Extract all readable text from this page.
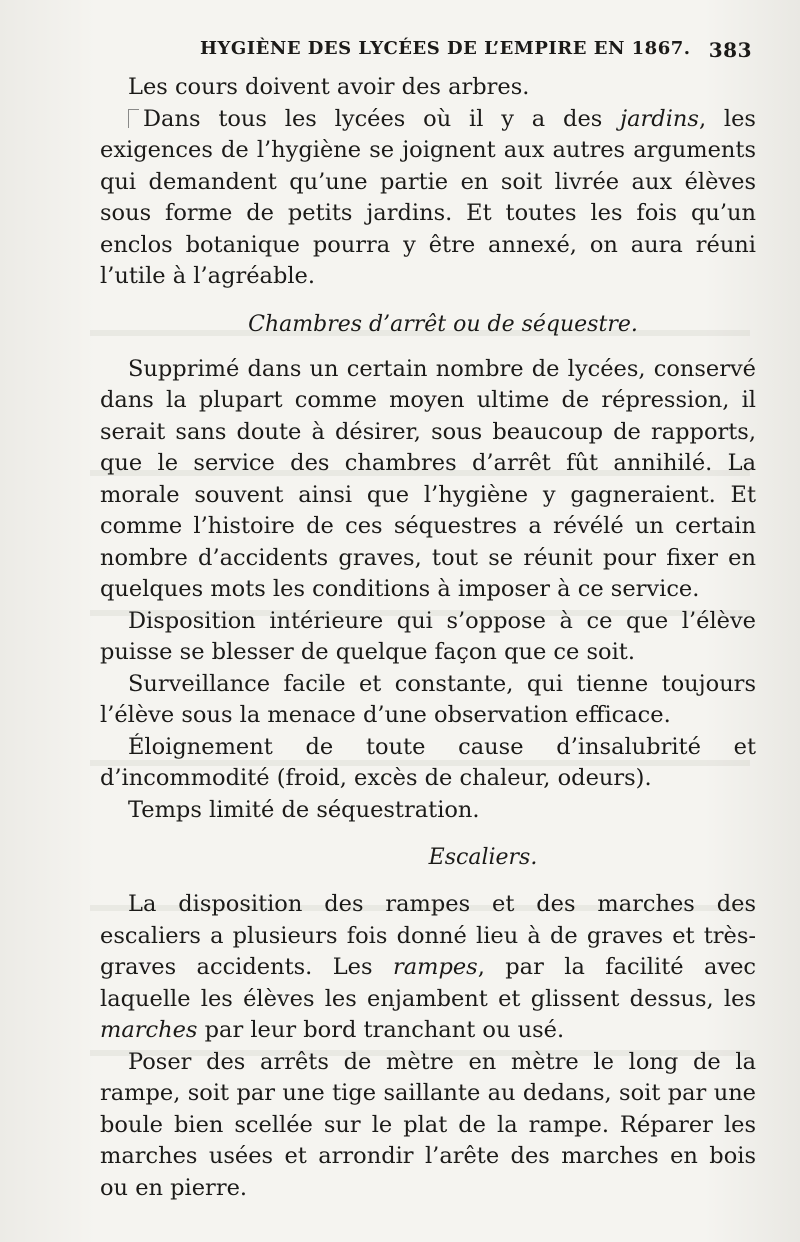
HYGIÈNE DES LYCÉES DE L’EMPIRE EN 1867. 383

Les cours doivent avoir des arbres.

Dans tous les lycées où il y a des jardins, les exigences de l’hygiène se joignent aux autres arguments qui demandent qu’une partie en soit livrée aux élèves sous forme de petits jardins. Et toutes les fois qu’un enclos botanique pourra y être annexé, on aura réuni l’utile à l’agréable.

Chambres d’arrêt ou de séquestre.

Supprimé dans un certain nombre de lycées, conservé dans la plupart comme moyen ultime de répression, il serait sans doute à désirer, sous beaucoup de rapports, que le service des chambres d’arrêt fût annihilé. La morale souvent ainsi que l’hygiène y gagneraient. Et comme l’histoire de ces séquestres a révélé un certain nombre d’accidents graves, tout se réunit pour fixer en quelques mots les conditions à imposer à ce service.

Disposition intérieure qui s’oppose à ce que l’élève puisse se blesser de quelque façon que ce soit.

Surveillance facile et constante, qui tienne toujours l’élève sous la menace d’une observation efficace.

Éloignement de toute cause d’insalubrité et d’incommodité (froid, excès de chaleur, odeurs).

Temps limité de séquestration.

Escaliers.

La disposition des rampes et des marches des escaliers a plusieurs fois donné lieu à de graves et très-graves accidents. Les rampes, par la facilité avec laquelle les élèves les enjambent et glissent dessus, les marches par leur bord tranchant ou usé.

Poser des arrêts de mètre en mètre le long de la rampe, soit par une tige saillante au dedans, soit par une boule bien scellée sur le plat de la rampe. Réparer les marches usées et arrondir l’arête des marches en bois ou en pierre.
